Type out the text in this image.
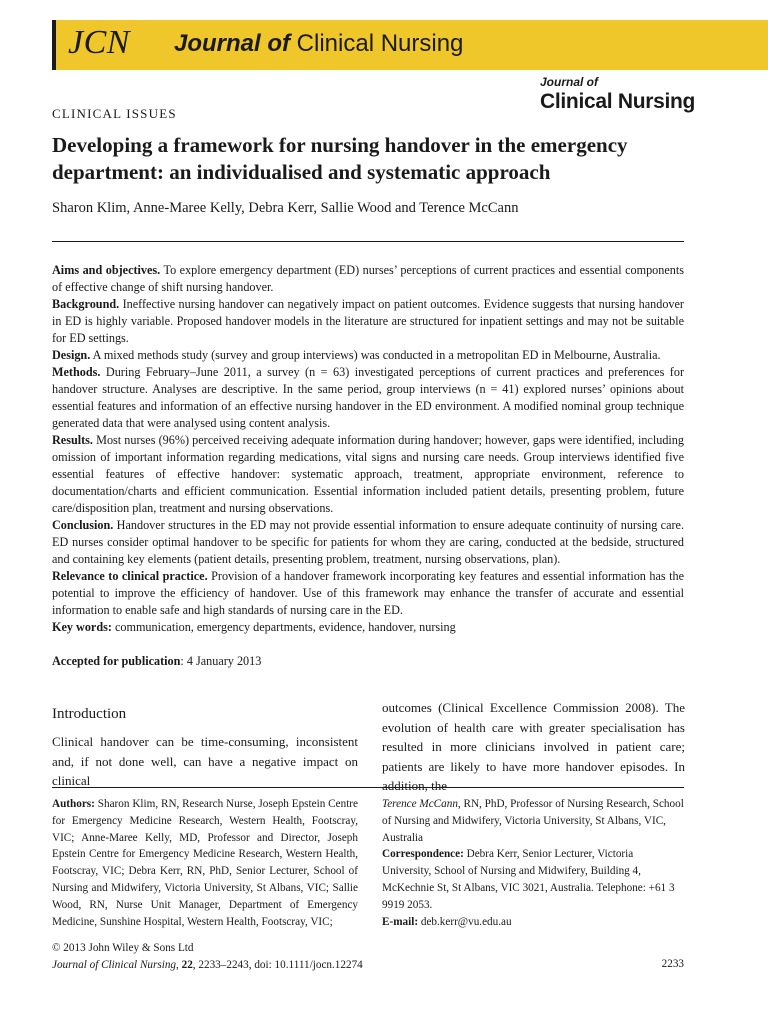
JCN Journal of Clinical Nursing
Journal of
Clinical Nursing
CLINICAL ISSUES
Developing a framework for nursing handover in the emergency department: an individualised and systematic approach
Sharon Klim, Anne-Maree Kelly, Debra Kerr, Sallie Wood and Terence McCann

Aims and objectives. To explore emergency department (ED) nurses’ perceptions of current practices and essential components of effective change of shift nursing handover.

Background. Ineffective nursing handover can negatively impact on patient outcomes. Evidence suggests that nursing handover in ED is highly variable. Proposed handover models in the literature are structured for inpatient settings and may not be suitable for ED settings.

Design. A mixed methods study (survey and group interviews) was conducted in a metropolitan ED in Melbourne, Australia.

Methods. During February–June 2011, a survey (n = 63) investigated perceptions of current practices and preferences for handover structure. Analyses are descriptive. In the same period, group interviews (n = 41) explored nurses’ opinions about essential features and information of an effective nursing handover in the ED environment. A modified nominal group technique generated data that were analysed using content analysis.

Results. Most nurses (96%) perceived receiving adequate information during handover; however, gaps were identified, including omission of important information regarding medications, vital signs and nursing care needs. Group interviews identified five essential features of effective handover: systematic approach, treatment, appropriate environment, reference to documentation/charts and efficient communication. Essential information included patient details, presenting problem, future care/disposition plan, treatment and nursing observations.

Conclusion. Handover structures in the ED may not provide essential information to ensure adequate continuity of nursing care. ED nurses consider optimal handover to be specific for patients for whom they are caring, conducted at the bedside, structured and containing key elements (patient details, presenting problem, treatment, nursing observations, plan).

Relevance to clinical practice. Provision of a handover framework incorporating key features and essential information has the potential to improve the efficiency of handover. Use of this framework may enhance the transfer of accurate and essential information to enable safe and high standards of nursing care in the ED.

Key words: communication, emergency departments, evidence, handover, nursing
Accepted for publication: 4 January 2013
Introduction

Clinical handover can be time-consuming, inconsistent and, if not done well, can have a negative impact on clinical

outcomes (Clinical Excellence Commission 2008). The evolution of health care with greater specialisation has resulted in more clinicians involved in patient care; patients are likely to have more handover episodes. In addition, the

Authors: Sharon Klim, RN, Research Nurse, Joseph Epstein Centre for Emergency Medicine Research, Western Health, Footscray, VIC; Anne-Maree Kelly, MD, Professor and Director, Joseph Epstein Centre for Emergency Medicine Research, Western Health, Footscray, VIC; Debra Kerr, RN, PhD, Senior Lecturer, School of Nursing and Midwifery, Victoria University, St Albans, VIC; Sallie Wood, RN, Nurse Unit Manager, Department of Emergency Medicine, Sunshine Hospital, Western Health, Footscray, VIC;

Terence McCann, RN, PhD, Professor of Nursing Research, School of Nursing and Midwifery, Victoria University, St Albans, VIC, Australia

Correspondence: Debra Kerr, Senior Lecturer, Victoria University, School of Nursing and Midwifery, Building 4, McKechnie St, St Albans, VIC 3021, Australia. Telephone: +61 3 9919 2053.

E-mail: deb.kerr@vu.edu.au

© 2013 John Wiley & Sons Ltd
Journal of Clinical Nursing, 22, 2233–2243, doi: 10.1111/jocn.12274	2233
